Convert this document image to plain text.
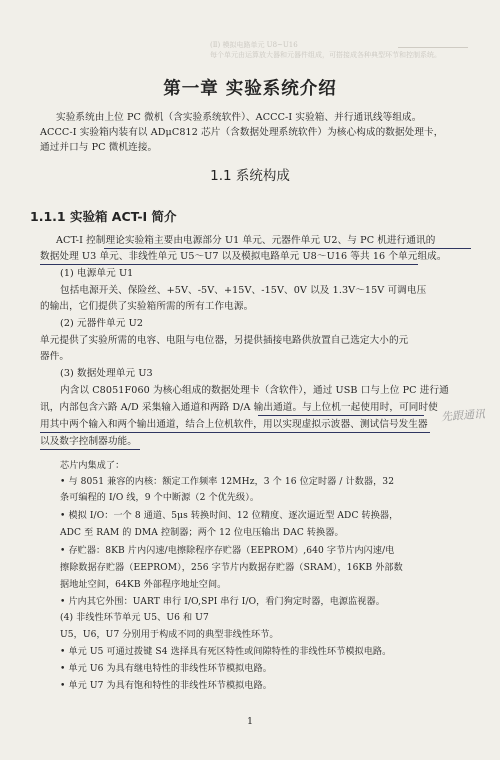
(Ⅱ) 模拟电路单元 U8~U16
每个单元由运算放大器和元器件组成，可搭接成各种典型环节和控制系统。
第一章 实验系统介绍
实验系统由上位 PC 微机（含实验系统软件）、ACCC-I 实验箱、并行通讯线等组成。
ACCC-I 实验箱内装有以 ADμC812 芯片（含数据处理系统软件）为核心构成的数据处理卡，
通过并口与 PC 微机连接。
1.1 系统构成
1.1.1 实验箱 ACT-I 简介
ACT-I 控制理论实验箱主要由电源部分 U1 单元、元器件单元 U2、与 PC 机进行通讯的
数据处理 U3 单元、非线性单元 U5～U7 以及模拟电路单元 U8～U16 等共 16 个单元组成。
(1) 电源单元 U1
包括电源开关、保险丝、+5V、-5V、+15V、-15V、0V 以及 1.3V～15V 可调电压
的输出，它们提供了实验箱所需的所有工作电源。
(2) 元器件单元 U2
单元提供了实验所需的电容、电阻与电位器，另提供插接电路供放置自己选定大小的元
器件。
(3) 数据处理单元 U3
内含以 C8051F060 为核心组成的数据处理卡（含软件），通过 USB 口与上位 PC 进行通
讯，内部包含六路 A/D 采集输入通道和两路 D/A 输出通道。与上位机一起使用时，可同时使
用其中两个输入和两个输出通道，结合上位机软件，用以实现虚拟示波器、测试信号发生器
以及数字控制器功能。
先跟通讯
芯片内集成了：
• 与 8051 兼容的内核：额定工作频率 12MHz，3 个 16 位定时器 / 计数器，32
条可编程的 I/O 线，9 个中断源（2 个优先级）。
• 模拟 I/O：一个 8 通道、5μs 转换时间、12 位精度、逐次逼近型 ADC 转换器，
ADC 至 RAM 的 DMA 控制器；两个 12 位电压输出 DAC 转换器。
• 存贮器：8KB 片内闪速/电擦除程序存贮器（EEPROM）,640 字节片内闪速/电
擦除数据存贮器（EEPROM），256 字节片内数据存贮器（SRAM），16KB 外部数
据地址空间，64KB 外部程序地址空间。
• 片内其它外围：UART 串行 I/O,SPI 串行 I/O，看门狗定时器，电源监视器。
(4) 非线性环节单元 U5、U6 和 U7
U5，U6，U7 分别用于构成不同的典型非线性环节。
• 单元 U5 可通过拨键 S4 选择具有死区特性或间隙特性的非线性环节模拟电路。
• 单元 U6 为具有继电特性的非线性环节模拟电路。
• 单元 U7 为具有饱和特性的非线性环节模拟电路。
1
